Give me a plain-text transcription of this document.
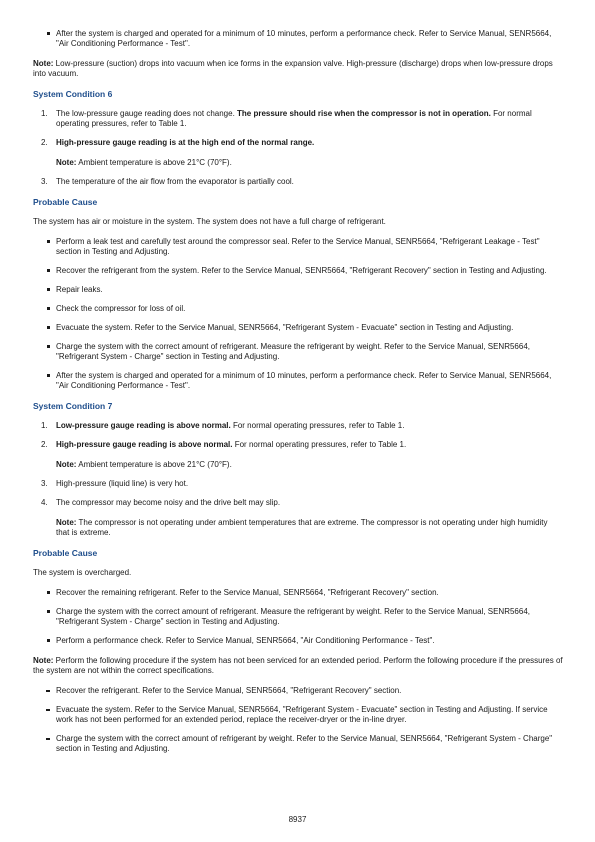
After the system is charged and operated for a minimum of 10 minutes, perform a performance check. Refer to Service Manual, SENR5664, "Air Conditioning Performance - Test".

Note: Low-pressure (suction) drops into vacuum when ice forms in the expansion valve. High-pressure (discharge) drops when low-pressure drops into vacuum.

System Condition 6

1. The low-pressure gauge reading does not change. The pressure should rise when the compressor is not in operation. For normal operating pressures, refer to Table 1.
2. High-pressure gauge reading is at the high end of the normal range.

Note: Ambient temperature is above 21°C (70°F).

3. The temperature of the air flow from the evaporator is partially cool.

Probable Cause

The system has air or moisture in the system. The system does not have a full charge of refrigerant.

Perform a leak test and carefully test around the compressor seal. Refer to the Service Manual, SENR5664, "Refrigerant Leakage - Test" section in Testing and Adjusting.
Recover the refrigerant from the system. Refer to the Service Manual, SENR5664, "Refrigerant Recovery" section in Testing and Adjusting.
Repair leaks.
Check the compressor for loss of oil.
Evacuate the system. Refer to the Service Manual, SENR5664, "Refrigerant System - Evacuate" section in Testing and Adjusting.
Charge the system with the correct amount of refrigerant. Measure the refrigerant by weight. Refer to the Service Manual, SENR5664, "Refrigerant System - Charge" section in Testing and Adjusting.
After the system is charged and operated for a minimum of 10 minutes, perform a performance check. Refer to Service Manual, SENR5664, "Air Conditioning Performance - Test".

System Condition 7

1. Low-pressure gauge reading is above normal. For normal operating pressures, refer to Table 1.
2. High-pressure gauge reading is above normal. For normal operating pressures, refer to Table 1.

Note: Ambient temperature is above 21°C (70°F).

3. High-pressure (liquid line) is very hot.
4. The compressor may become noisy and the drive belt may slip.

Note: The compressor is not operating under ambient temperatures that are extreme. The compressor is not operating under high humidity that is extreme.

Probable Cause

The system is overcharged.

Recover the remaining refrigerant. Refer to the Service Manual, SENR5664, "Refrigerant Recovery" section.
Charge the system with the correct amount of refrigerant. Measure the refrigerant by weight. Refer to the Service Manual, SENR5664, "Refrigerant System - Charge" section in Testing and Adjusting.
Perform a performance check. Refer to Service Manual, SENR5664, "Air Conditioning Performance - Test".

Note: Perform the following procedure if the system has not been serviced for an extended period. Perform the following procedure if the pressures of the system are not within the correct specifications.

Recover the refrigerant. Refer to the Service Manual, SENR5664, "Refrigerant Recovery" section.
Evacuate the system. Refer to the Service Manual, SENR5664, "Refrigerant System - Evacuate" section in Testing and Adjusting. If service work has not been performed for an extended period, replace the receiver-dryer or the in-line dryer.
Charge the system with the correct amount of refrigerant by weight. Refer to the Service Manual, SENR5664, "Refrigerant System - Charge" section in Testing and Adjusting.
8937
